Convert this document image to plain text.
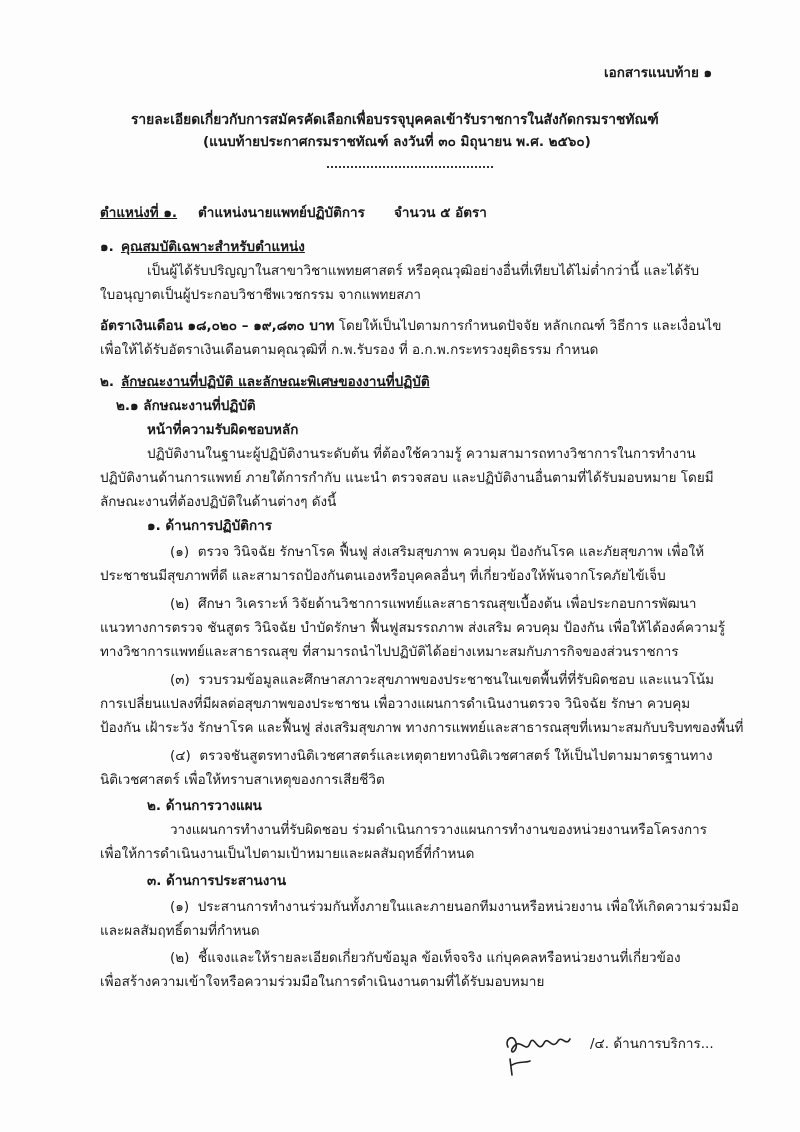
เอกสารแนบท้าย ๑
รายละเอียดเกี่ยวกับการสมัครคัดเลือกเพื่อบรรจุบุคคลเข้ารับราชการในสังกัดกรมราชทัณฑ์
(แนบท้ายประกาศกรมราชทัณฑ์ ลงวันที่ ๓๐ มิถุนายน พ.ศ. ๒๕๖๐)
ตำแหน่งที่ ๑. ตำแหน่งนายแพทย์ปฏิบัติการ จำนวน ๕ อัตรา
๑. คุณสมบัติเฉพาะสำหรับตำแหน่ง
เป็นผู้ได้รับปริญญาในสาขาวิชาแพทยศาสตร์ หรือคุณวุฒิอย่างอื่นที่เทียบได้ไม่ต่ำกว่านี้ และได้รับ
ใบอนุญาตเป็นผู้ประกอบวิชาชีพเวชกรรม จากแพทยสภา
อัตราเงินเดือน ๑๘,๐๒๐ – ๑๙,๘๓๐ บาท โดยให้เป็นไปตามการกำหนดปัจจัย หลักเกณฑ์ วิธีการ และเงื่อนไข
เพื่อให้ได้รับอัตราเงินเดือนตามคุณวุฒิที่ ก.พ.รับรอง ที่ อ.ก.พ.กระทรวงยุติธรรม กำหนด
๒. ลักษณะงานที่ปฏิบัติ และลักษณะพิเศษของงานที่ปฏิบัติ
๒.๑ ลักษณะงานที่ปฏิบัติ
หน้าที่ความรับผิดชอบหลัก
ปฏิบัติงานในฐานะผู้ปฏิบัติงานระดับต้น ที่ต้องใช้ความรู้ ความสามารถทางวิชาการในการทำงาน
ปฏิบัติงานด้านการแพทย์ ภายใต้การกำกับ แนะนำ ตรวจสอบ และปฏิบัติงานอื่นตามที่ได้รับมอบหมาย โดยมี
ลักษณะงานที่ต้องปฏิบัติในด้านต่างๆ ดังนี้
๑. ด้านการปฏิบัติการ
(๑) ตรวจ วินิจฉัย รักษาโรค ฟื้นฟู ส่งเสริมสุขภาพ ควบคุม ป้องกันโรค และภัยสุขภาพ เพื่อให้
ประชาชนมีสุขภาพที่ดี และสามารถป้องกันตนเองหรือบุคคลอื่นๆ ที่เกี่ยวข้องให้พ้นจากโรคภัยไข้เจ็บ
(๒) ศึกษา วิเคราะห์ วิจัยด้านวิชาการแพทย์และสาธารณสุขเบื้องต้น เพื่อประกอบการพัฒนา
แนวทางการตรวจ ชันสูตร วินิจฉัย บำบัดรักษา ฟื้นฟูสมรรถภาพ ส่งเสริม ควบคุม ป้องกัน เพื่อให้ได้องค์ความรู้
ทางวิชาการแพทย์และสาธารณสุข ที่สามารถนำไปปฏิบัติได้อย่างเหมาะสมกับภารกิจของส่วนราชการ
(๓) รวบรวมข้อมูลและศึกษาสภาวะสุขภาพของประชาชนในเขตพื้นที่ที่รับผิดชอบ และแนวโน้ม
การเปลี่ยนแปลงที่มีผลต่อสุขภาพของประชาชน เพื่อวางแผนการดำเนินงานตรวจ วินิจฉัย รักษา ควบคุม
ป้องกัน เฝ้าระวัง รักษาโรค และฟื้นฟู ส่งเสริมสุขภาพ ทางการแพทย์และสาธารณสุขที่เหมาะสมกับบริบทของพื้นที่
(๔) ตรวจชันสูตรทางนิติเวชศาสตร์และเหตุตายทางนิติเวชศาสตร์ ให้เป็นไปตามมาตรฐานทาง
นิติเวชศาสตร์ เพื่อให้ทราบสาเหตุของการเสียชีวิต
๒. ด้านการวางแผน
วางแผนการทำงานที่รับผิดชอบ ร่วมดำเนินการวางแผนการทำงานของหน่วยงานหรือโครงการ
เพื่อให้การดำเนินงานเป็นไปตามเป้าหมายและผลสัมฤทธิ์ที่กำหนด
๓. ด้านการประสานงาน
(๑) ประสานการทำงานร่วมกันทั้งภายในและภายนอกทีมงานหรือหน่วยงาน เพื่อให้เกิดความร่วมมือ
และผลสัมฤทธิ์ตามที่กำหนด
(๒) ชี้แจงและให้รายละเอียดเกี่ยวกับข้อมูล ข้อเท็จจริง แก่บุคคลหรือหน่วยงานที่เกี่ยวข้อง
เพื่อสร้างความเข้าใจหรือความร่วมมือในการดำเนินงานตามที่ได้รับมอบหมาย
/๔. ด้านการบริการ...
